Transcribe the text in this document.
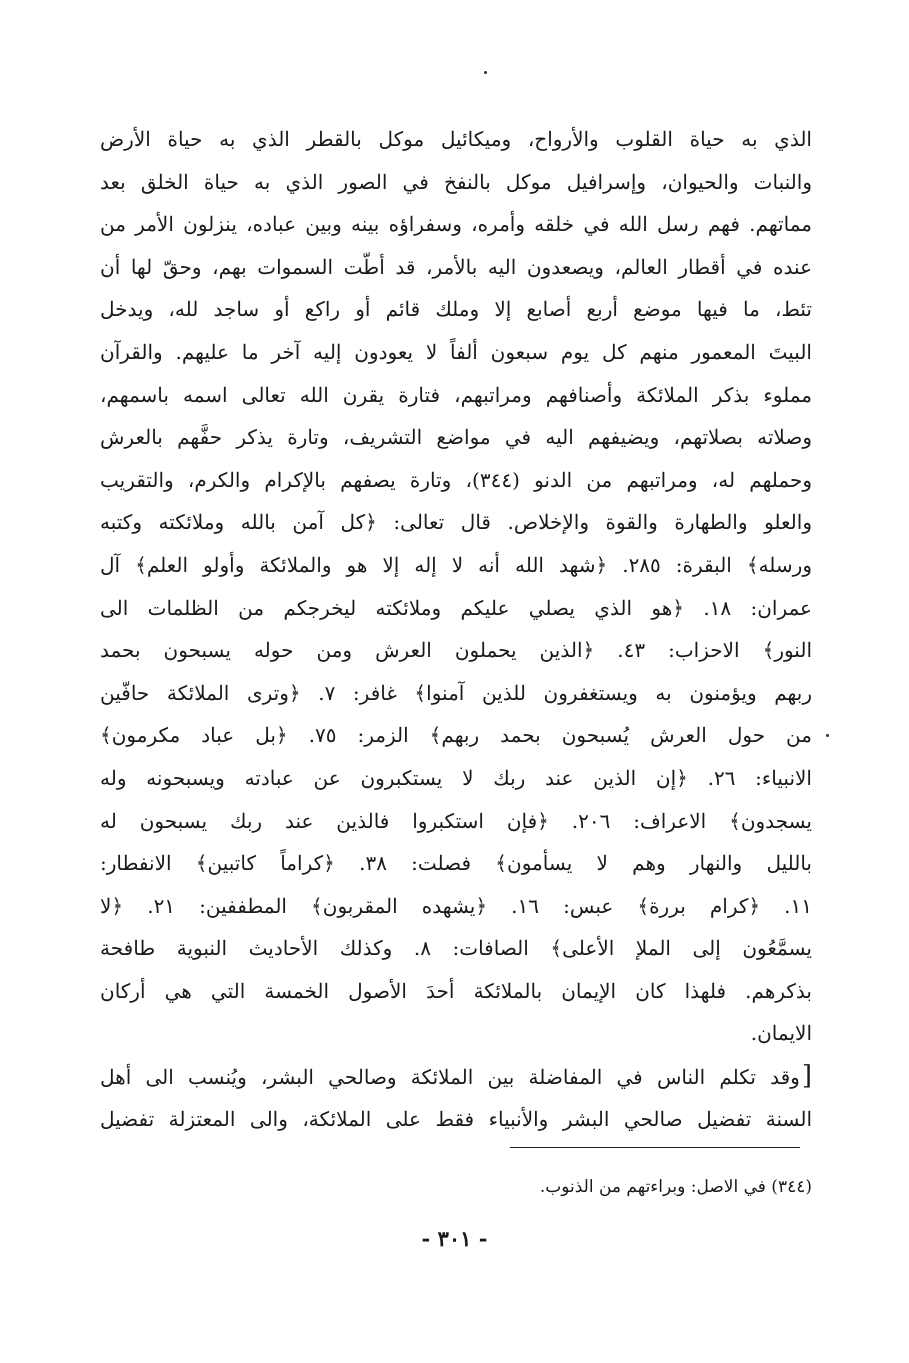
الذي به حياة القلوب والأرواح، وميكائيل موكل بالقطر الذي به حياة الأرض
والنبات والحيوان، وإسرافيل موكل بالنفخ في الصور الذي به حياة الخلق بعد
مماتهم. فهم رسل الله في خلقه وأمره، وسفراؤه بينه وبين عباده، ينزلون الأمر من
عنده في أقطار العالم، ويصعدون اليه بالأمر، قد أطّت السموات بهم، وحقّ لها أن
تئط، ما فيها موضع أربع أصابع إلا وملك قائم أو راكع أو ساجد لله، ويدخل
البيتَ المعمور منهم كل يوم سبعون ألفاً لا يعودون إليه آخر ما عليهم. والقرآن
مملوء بذكر الملائكة وأصنافهم ومراتبهم، فتارة يقرن الله تعالى اسمه باسمهم،
وصلاته بصلاتهم، ويضيفهم اليه في مواضع التشريف، وتارة يذكر حفَّهم بالعرش
وحملهم له، ومراتبهم من الدنو (٣٤٤)، وتارة يصفهم بالإكرام والكرم، والتقريب
والعلو والطهارة والقوة والإخلاص. قال تعالى: ﴿كل آمن بالله وملائكته وكتبه
ورسله﴾ البقرة: ٢٨٥. ﴿شهد الله أنه لا إله إلا هو والملائكة وأولو العلم﴾ آل
عمران: ١٨. ﴿هو الذي يصلي عليكم وملائكته ليخرجكم من الظلمات الى
النور﴾ الاحزاب: ٤٣. ﴿الذين يحملون العرش ومن حوله يسبحون بحمد
ربهم ويؤمنون به ويستغفرون للذين آمنوا﴾ غافر: ٧. ﴿وترى الملائكة حافّين
من حول العرش يُسبحون بحمد ربهم﴾ الزمر: ٧٥. ﴿بل عباد مكرمون﴾
الانبياء: ٢٦. ﴿إن الذين عند ربك لا يستكبرون عن عبادته ويسبحونه وله
يسجدون﴾ الاعراف: ٢٠٦. ﴿فإن استكبروا فالذين عند ربك يسبحون له
بالليل والنهار وهم لا يسأمون﴾ فصلت: ٣٨. ﴿كراماً كاتبين﴾ الانفطار:
١١. ﴿كرام بررة﴾ عبس: ١٦. ﴿يشهده المقربون﴾ المطففين: ٢١. ﴿لا
يسمَّعُون إلى الملإ الأعلى﴾ الصافات: ٨. وكذلك الأحاديث النبوية طافحة
بذكرهم. فلهذا كان الإيمان بالملائكة أحدَ الأصول الخمسة التي هي أركان
الايمان.
[وقد تكلم الناس في المفاضلة بين الملائكة وصالحي البشر، ويُنسب الى أهل
السنة تفضيل صالحي البشر والأنبياء فقط على الملائكة، والى المعتزلة تفضيل
(٣٤٤) في الاصل: وبراءتهم من الذنوب.
- ٣٠١ -
